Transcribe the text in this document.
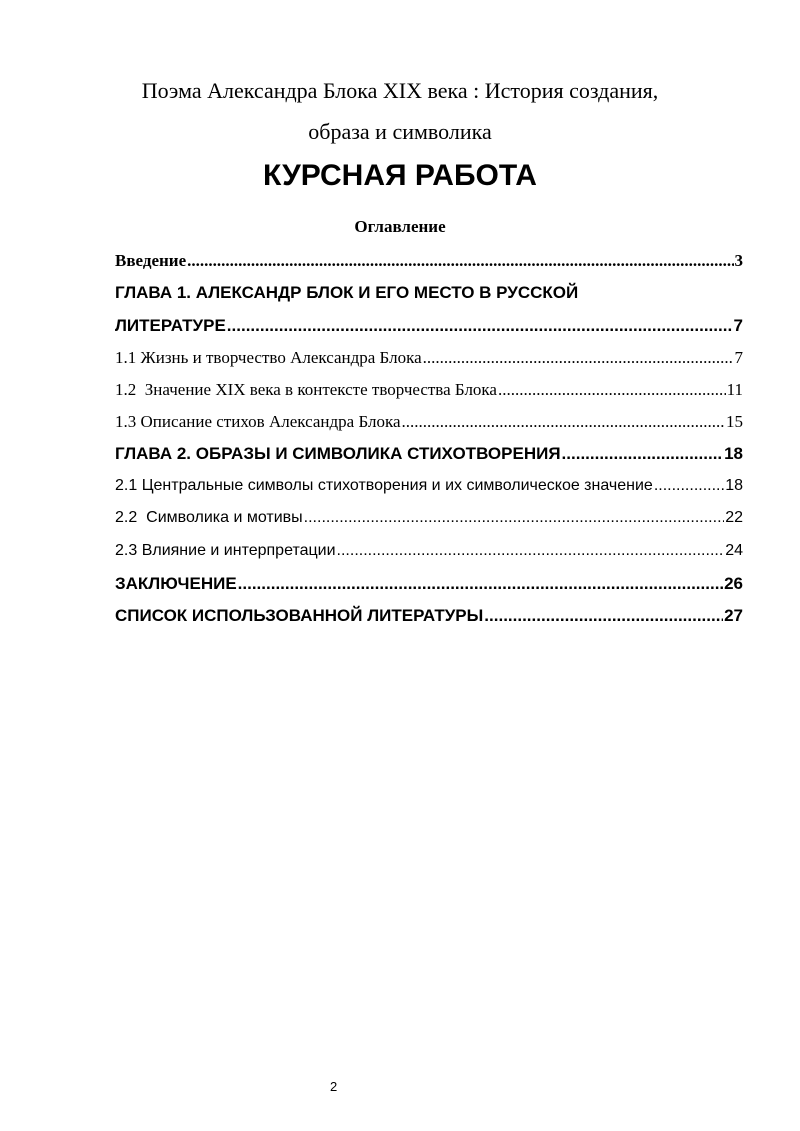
Поэма Александра Блока XIX века : История создания,
образа и символика
КУРСНАЯ РАБОТА
Оглавление
Введение .....	3
ГЛАВА 1. АЛЕКСАНДР БЛОК И ЕГО МЕСТО В РУССКОЙ
ЛИТЕРАТУРЕ .....	7
1.1 Жизнь и творчество Александра Блока .....	7
1.2  Значение XIX века в контексте творчества Блока .....	11
1.3 Описание стихов Александра Блока .....	15
ГЛАВА 2. ОБРАЗЫ И СИМВОЛИКА СТИХОТВОРЕНИЯ .....	18
2.1 Центральные символы стихотворения и их символическое значение .....	18
2.2  Символика и мотивы .....	22
2.3 Влияние и интерпретации .....	24
ЗАКЛЮЧЕНИЕ .....	26
СПИСОК ИСПОЛЬЗОВАННОЙ ЛИТЕРАТУРЫ .....	27
2
